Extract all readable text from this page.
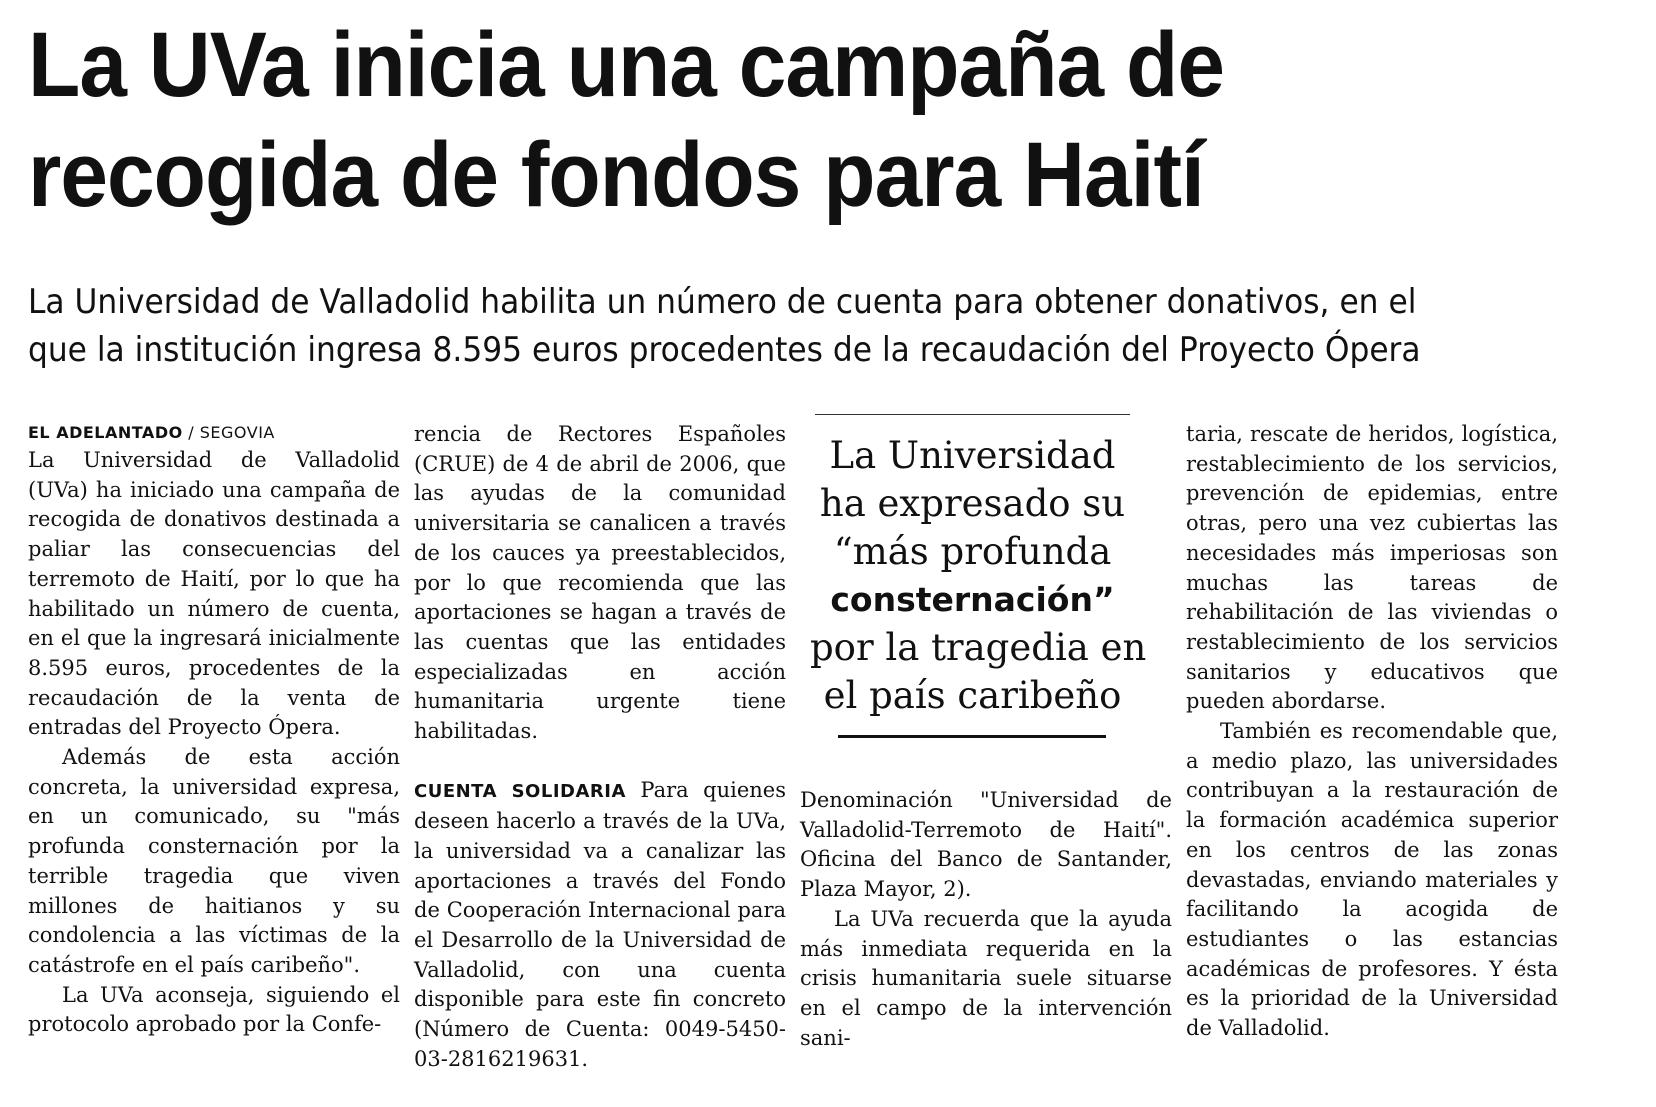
La UVa inicia una campaña de
recogida de fondos para Haití
La Universidad de Valladolid habilita un número de cuenta para obtener donativos, en el
que la institución ingresa 8.595 euros procedentes de la recaudación del Proyecto Ópera
EL ADELANTADO / SEGOVIA

La Universidad de Valladolid (UVa) ha iniciado una campaña de recogida de donativos destinada a paliar las consecuencias del terremoto de Haití, por lo que ha habilitado un número de cuenta, en el que la ingresará inicialmente 8.595 euros, procedentes de la recaudación de la venta de entradas del Proyecto Ópera.

Además de esta acción concreta, la universidad expresa, en un comunicado, su "más profunda consternación por la terrible tragedia que viven millones de haitianos y su condolencia a las víctimas de la catástrofe en el país caribeño".

La UVa aconseja, siguiendo el protocolo aprobado por la Confe-

rencia de Rectores Españoles (CRUE) de 4 de abril de 2006, que las ayudas de la comunidad universitaria se canalicen a través de los cauces ya preestablecidos, por lo que recomienda que las aportaciones se hagan a través de las cuentas que las entidades especializadas en acción humanitaria urgente tiene habilitadas.

CUENTA SOLIDARIA Para quienes deseen hacerlo a través de la UVa, la universidad va a canalizar las aportaciones a través del Fondo de Cooperación Internacional para el Desarrollo de la Universidad de Valladolid, con una cuenta disponible para este fin concreto (Número de Cuenta: 0049-5450-03-2816219631.

La Universidad
ha expresado su
“más profunda
consternación”
por la tragedia en
el país caribeño

Denominación "Universidad de Valladolid-Terremoto de Haití". Oficina del Banco de Santander, Plaza Mayor, 2).

La UVa recuerda que la ayuda más inmediata requerida en la crisis humanitaria suele situarse en el campo de la intervención sani-

taria, rescate de heridos, logística, restablecimiento de los servicios, prevención de epidemias, entre otras, pero una vez cubiertas las necesidades más imperiosas son muchas las tareas de rehabilitación de las viviendas o restablecimiento de los servicios sanitarios y educativos que pueden abordarse.

También es recomendable que, a medio plazo, las universidades contribuyan a la restauración de la formación académica superior en los centros de las zonas devastadas, enviando materiales y facilitando la acogida de estudiantes o las estancias académicas de profesores. Y ésta es la prioridad de la Universidad de Valladolid.
